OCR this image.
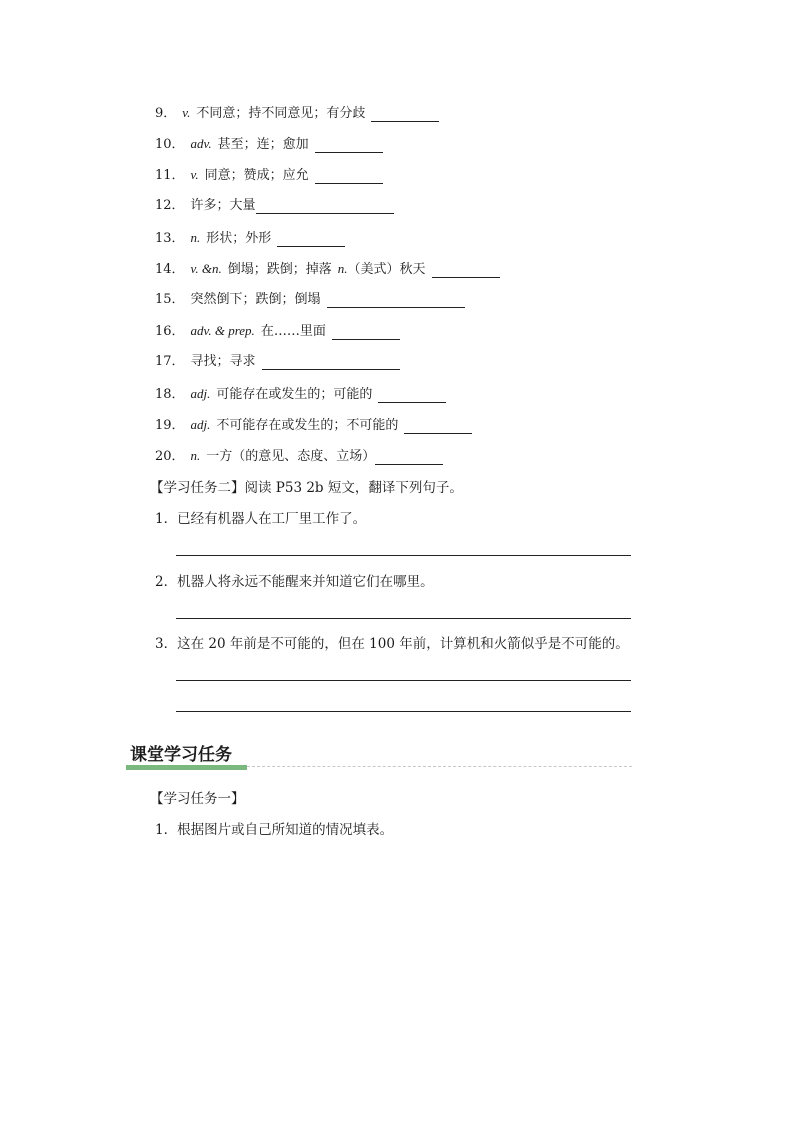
9． v. 不同意；持不同意见；有分歧
10． adv. 甚至；连；愈加
11． v. 同意；赞成；应允
12． 许多；大量
13． n. 形状；外形
14． v. &n. 倒塌；跌倒；掉落 n.（美式）秋天
15． 突然倒下；跌倒；倒塌
16． adv. & prep. 在……里面
17． 寻找；寻求
18． adj. 可能存在或发生的；可能的
19． adj. 不可能存在或发生的；不可能的
20． n. 一方（的意见、态度、立场）
【学习任务二】阅读 P53 2b 短文，翻译下列句子。
1．已经有机器人在工厂里工作了。
2．机器人将永远不能醒来并知道它们在哪里。
3．这在 20 年前是不可能的，但在 100 年前，计算机和火箭似乎是不可能的。
课堂学习任务
【学习任务一】
1．根据图片或自己所知道的情况填表。
